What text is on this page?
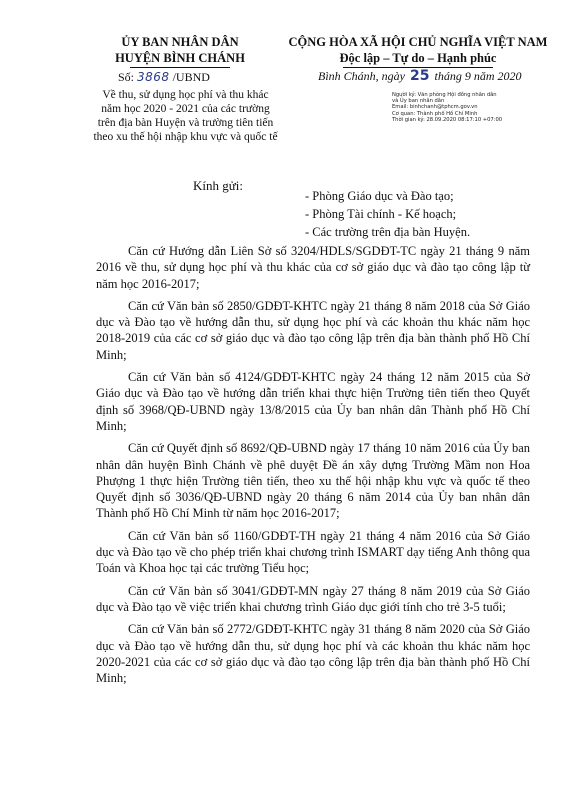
ỦY BAN NHÂN DÂN
HUYỆN BÌNH CHÁNH
CỘNG HÒA XÃ HỘI CHỦ NGHĨA VIỆT NAM
Độc lập – Tự do – Hạnh phúc
Số: 3868 /UBND	Bình Chánh, ngày 25 tháng 9 năm 2020
Về thu, sử dụng học phí và thu khác
năm học 2020 - 2021 của các trường
trên địa bàn Huyện và trường tiên tiến
theo xu thế hội nhập khu vực và quốc tế
Người ký: Văn phòng Hội đồng nhân dân
và Ủy ban nhân dân
Email: binhchanh@tphcm.gov.vn
Cơ quan: Thành phố Hồ Chí Minh
Thời gian ký: 28.09.2020 08:17:10 +07:00
Kính gửi:
- Phòng Giáo dục và Đào tạo;
- Phòng Tài chính - Kế hoạch;
- Các trường trên địa bàn Huyện.

Căn cứ Hướng dẫn Liên Sở số 3204/HDLS/SGDĐT-TC ngày 21 tháng 9 năm 2016 về thu, sử dụng học phí và thu khác của cơ sở giáo dục và đào tạo công lập từ năm học 2016-2017;

Căn cứ Văn bản số 2850/GDĐT-KHTC ngày 21 tháng 8 năm 2018 của Sở Giáo dục và Đào tạo về hướng dẫn thu, sử dụng học phí và các khoản thu khác năm học 2018-2019 của các cơ sở giáo dục và đào tạo công lập trên địa bàn thành phố Hồ Chí Minh;

Căn cứ Văn bản số 4124/GDĐT-KHTC ngày 24 tháng 12 năm 2015 của Sở Giáo dục và Đào tạo về hướng dẫn triển khai thực hiện Trường tiên tiến theo Quyết định số 3968/QĐ-UBND ngày 13/8/2015 của Ủy ban nhân dân Thành phố Hồ Chí Minh;

Căn cứ Quyết định số 8692/QĐ-UBND ngày 17 tháng 10 năm 2016 của Ủy ban nhân dân huyện Bình Chánh về phê duyệt Đề án xây dựng Trường Mầm non Hoa Phượng 1 thực hiện Trường tiên tiến, theo xu thế hội nhập khu vực và quốc tế theo Quyết định số 3036/QĐ-UBND ngày 20 tháng 6 năm 2014 của Ủy ban nhân dân Thành phố Hồ Chí Minh từ năm học 2016-2017;

Căn cứ Văn bản số 1160/GDĐT-TH ngày 21 tháng 4 năm 2016 của Sở Giáo dục và Đào tạo về cho phép triển khai chương trình ISMART dạy tiếng Anh thông qua Toán và Khoa học tại các trường Tiểu học;

Căn cứ Văn bản số 3041/GDĐT-MN ngày 27 tháng 8 năm 2019 của Sở Giáo dục và Đào tạo về việc triển khai chương trình Giáo dục giới tính cho trẻ 3-5 tuổi;

Căn cứ Văn bản số 2772/GDĐT-KHTC ngày 31 tháng 8 năm 2020 của Sở Giáo dục và Đào tạo về hướng dẫn thu, sử dụng học phí và các khoản thu khác năm học 2020-2021 của các cơ sở giáo dục và đào tạo công lập trên địa bàn thành phố Hồ Chí Minh;
